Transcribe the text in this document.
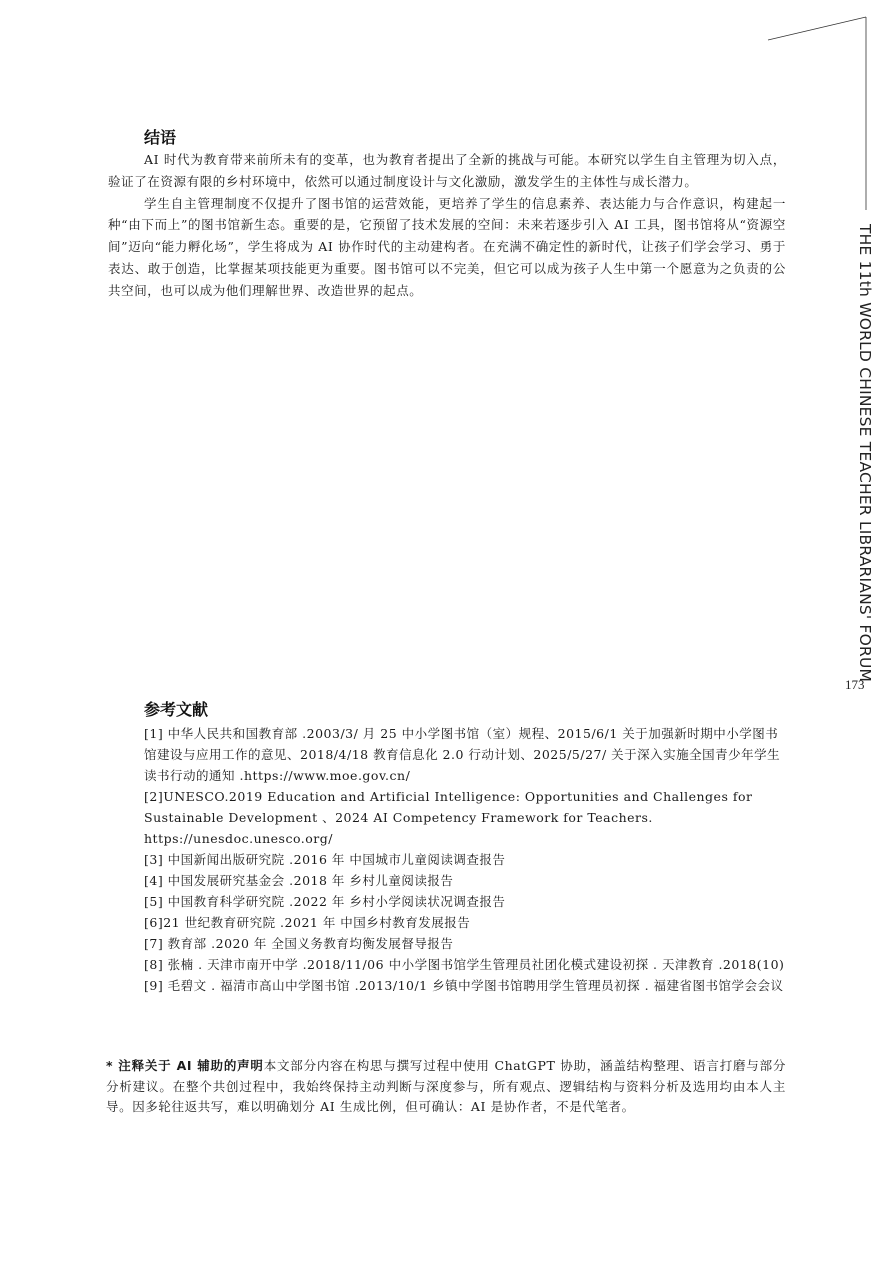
THE 11th WORLD CHINESE TEACHER LIBRARIANS' FORUM
173
结语

AI 时代为教育带来前所未有的变革，也为教育者提出了全新的挑战与可能。本研究以学生自主管理为切入点，验证了在资源有限的乡村环境中，依然可以通过制度设计与文化激励，激发学生的主体性与成长潜力。

学生自主管理制度不仅提升了图书馆的运营效能，更培养了学生的信息素养、表达能力与合作意识，构建起一种“由下而上”的图书馆新生态。重要的是，它预留了技术发展的空间：未来若逐步引入 AI 工具，图书馆将从“资源空间”迈向“能力孵化场”，学生将成为 AI 协作时代的主动建构者。在充满不确定性的新时代，让孩子们学会学习、勇于表达、敢于创造，比掌握某项技能更为重要。图书馆可以不完美，但它可以成为孩子人生中第一个愿意为之负责的公共空间，也可以成为他们理解世界、改造世界的起点。

参考文献
[1] 中华人民共和国教育部 .2003/3/ 月 25 中小学图书馆（室）规程、2015/6/1 关于加强新时期中小学图书馆建设与应用工作的意见、2018/4/18 教育信息化 2.0 行动计划、2025/5/27/ 关于深入实施全国青少年学生读书行动的通知 .https://www.moe.gov.cn/
[2]UNESCO.2019 Education and Artificial Intelligence: Opportunities and Challenges for Sustainable Development 、2024 AI Competency Framework for Teachers. https://unesdoc.unesco.org/
[3] 中国新闻出版研究院 .2016 年 中国城市儿童阅读调查报告
[4] 中国发展研究基金会 .2018 年 乡村儿童阅读报告
[5] 中国教育科学研究院 .2022 年 乡村小学阅读状况调查报告
[6]21 世纪教育研究院 .2021 年 中国乡村教育发展报告
[7] 教育部 .2020 年 全国义务教育均衡发展督导报告
[8] 张楠 . 天津市南开中学 .2018/11/06 中小学图书馆学生管理员社团化模式建设初探 . 天津教育 .2018(10)
[9] 毛碧文 . 福清市高山中学图书馆 .2013/10/1 乡镇中学图书馆聘用学生管理员初探 . 福建省图书馆学会会议

* 注释关于 AI 辅助的声明本文部分内容在构思与撰写过程中使用 ChatGPT 协助，涵盖结构整理、语言打磨与部分分析建议。在整个共创过程中，我始终保持主动判断与深度参与，所有观点、逻辑结构与资料分析及选用均由本人主导。因多轮往返共写，难以明确划分 AI 生成比例，但可确认：AI 是协作者，不是代笔者。
